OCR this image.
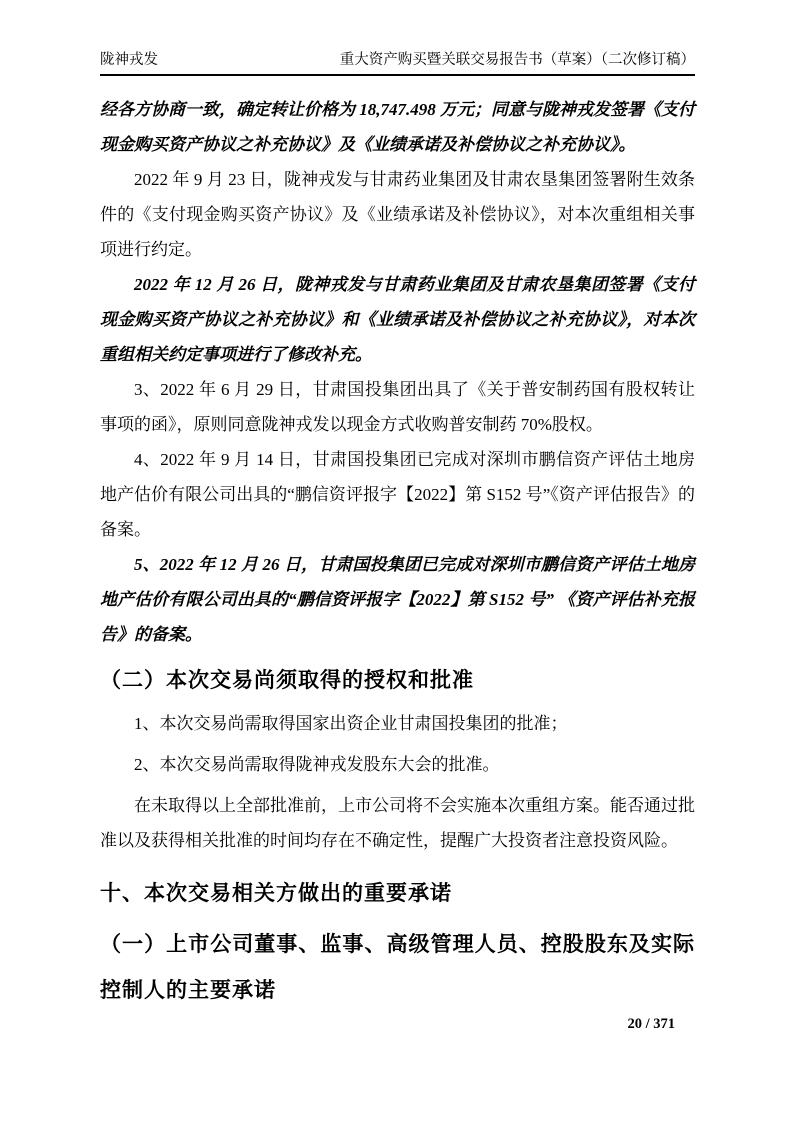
陇神戎发	重大资产购买暨关联交易报告书（草案）（二次修订稿）

经各方协商一致，确定转让价格为 18,747.498 万元；同意与陇神戎发签署《支付现金购买资产协议之补充协议》及《业绩承诺及补偿协议之补充协议》。

2022 年 9 月 23 日，陇神戎发与甘肃药业集团及甘肃农垦集团签署附生效条件的《支付现金购买资产协议》及《业绩承诺及补偿协议》，对本次重组相关事项进行约定。

2022 年 12 月 26 日，陇神戎发与甘肃药业集团及甘肃农垦集团签署《支付现金购买资产协议之补充协议》和《业绩承诺及补偿协议之补充协议》，对本次重组相关约定事项进行了修改补充。

3、2022 年 6 月 29 日，甘肃国投集团出具了《关于普安制药国有股权转让事项的函》，原则同意陇神戎发以现金方式收购普安制药 70%股权。

4、2022 年 9 月 14 日，甘肃国投集团已完成对深圳市鹏信资产评估土地房地产估价有限公司出具的“鹏信资评报字【2022】第 S152 号”《资产评估报告》的备案。

5、2022 年 12 月 26 日，甘肃国投集团已完成对深圳市鹏信资产评估土地房地产估价有限公司出具的“鹏信资评报字【2022】第 S152 号” 《资产评估补充报告》的备案。

（二）本次交易尚须取得的授权和批准

1、本次交易尚需取得国家出资企业甘肃国投集团的批准；

2、本次交易尚需取得陇神戎发股东大会的批准。

在未取得以上全部批准前，上市公司将不会实施本次重组方案。能否通过批准以及获得相关批准的时间均存在不确定性，提醒广大投资者注意投资风险。

十、本次交易相关方做出的重要承诺
（一）上市公司董事、监事、高级管理人员、控股股东及实际控制人的主要承诺
20 / 371
